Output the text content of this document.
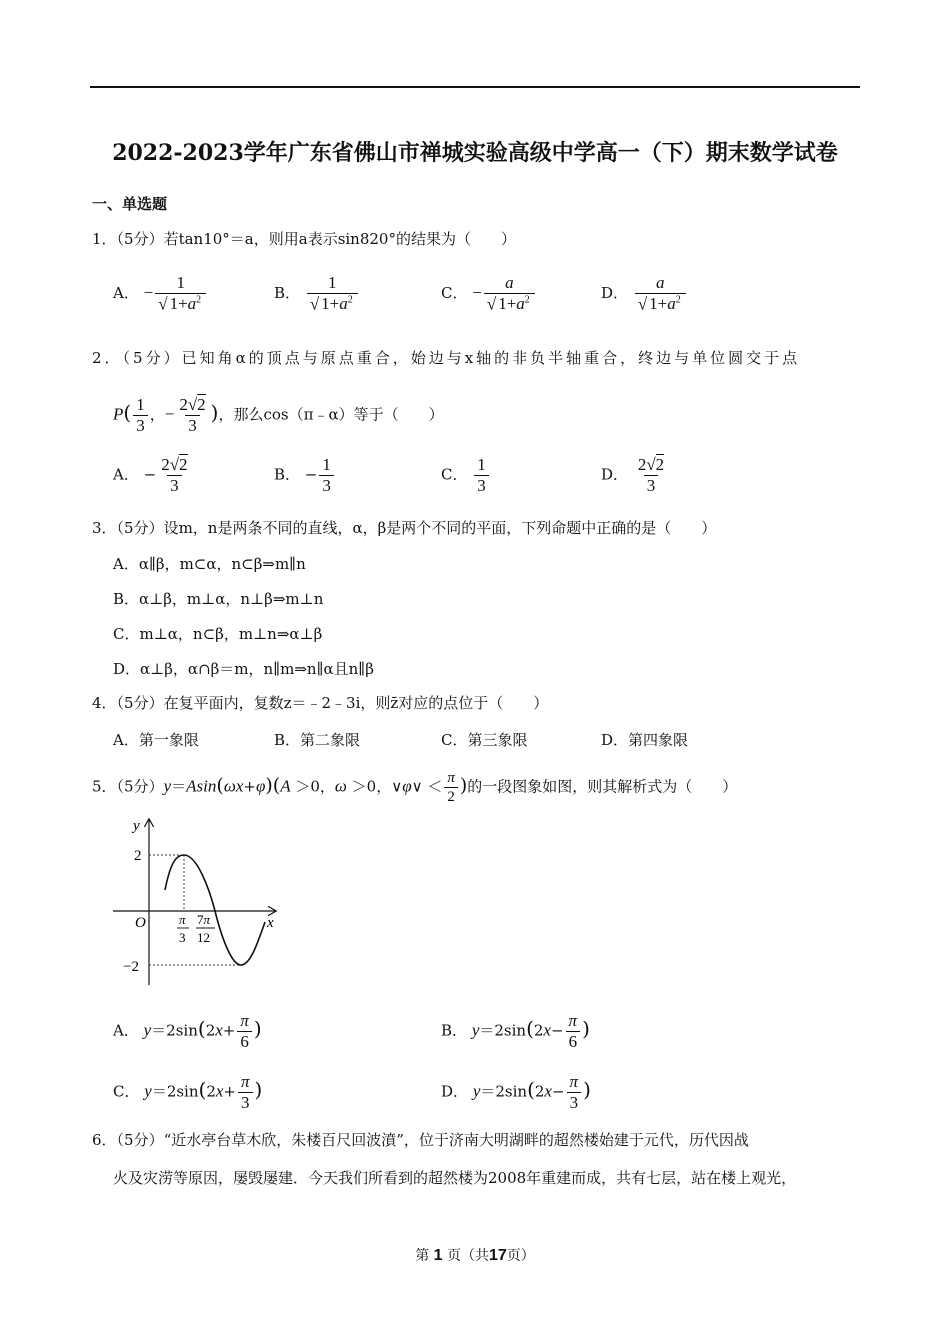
2022-2023学年广东省佛山市禅城实验高级中学高一（下）期末数学试卷
一、单选题
1．（5分）若tan10°＝a，则用a表示sin820°的结果为（　　）
A． − $\frac{1}{√ 1+a^2}$	B． $\frac{1}{√ 1+a^2}$	C． − $\frac{a}{√ 1+a^2}$	D． $\frac{a}{√ 1+a^2}$
2．（5分）已知角α的顶点与原点重合，始边与x轴的非负半轴重合，终边与单位圆交于点
$P( \frac{1}{3}$ ，− $\frac{2√2}{3}$ )，那么cos（π﹣α）等于（　　）
A． − $\frac{2√2}{3}$	B． − $\frac{1}{3}$	C． $\frac{1}{3}$	D． $\frac{2√2}{3}$
3．（5分）设m，n是两条不同的直线，α，β是两个不同的平面，下列命题中正确的是（　　）
A．α∥β，m⊂α，n⊂β⇒m∥n
B．α⊥β，m⊥α，n⊥β⇒m⊥n
C．m⊥α，n⊂β，m⊥n⇒α⊥β
D．α⊥β，α∩β＝m，n∥m⇒n∥α且n∥β
4．（5分）在复平面内，复数z＝﹣2﹣3i，则z̄对应的点位于（　　）
A．第一象限	B．第二象限	C．第三象限	D．第四象限
5．（5分）y＝Asin(ωx+φ)(A ＞0，ω ＞0，∨φ∨ ＜ $\frac{\pi}{2}$ )的一段图象如图，则其解析式为（　　）
y
x
O
2
−2
π
3
7π
12
A． $y=2\sin(2x+ \frac{\pi}{6}$ )	B． $y=2\sin(2x- \frac{\pi}{6}$ )
C． $y=2\sin(2x+ \frac{\pi}{3}$ )	D． $y=2\sin(2x- \frac{\pi}{3}$ )
6．（5分）“近水亭台草木欣，朱楼百尺回波濆”，位于济南大明湖畔的超然楼始建于元代，历代因战
火及灾涝等原因，屡毁屡建．今天我们所看到的超然楼为2008年重建而成，共有七层，站在楼上观光，
第 1 页（共17页）
